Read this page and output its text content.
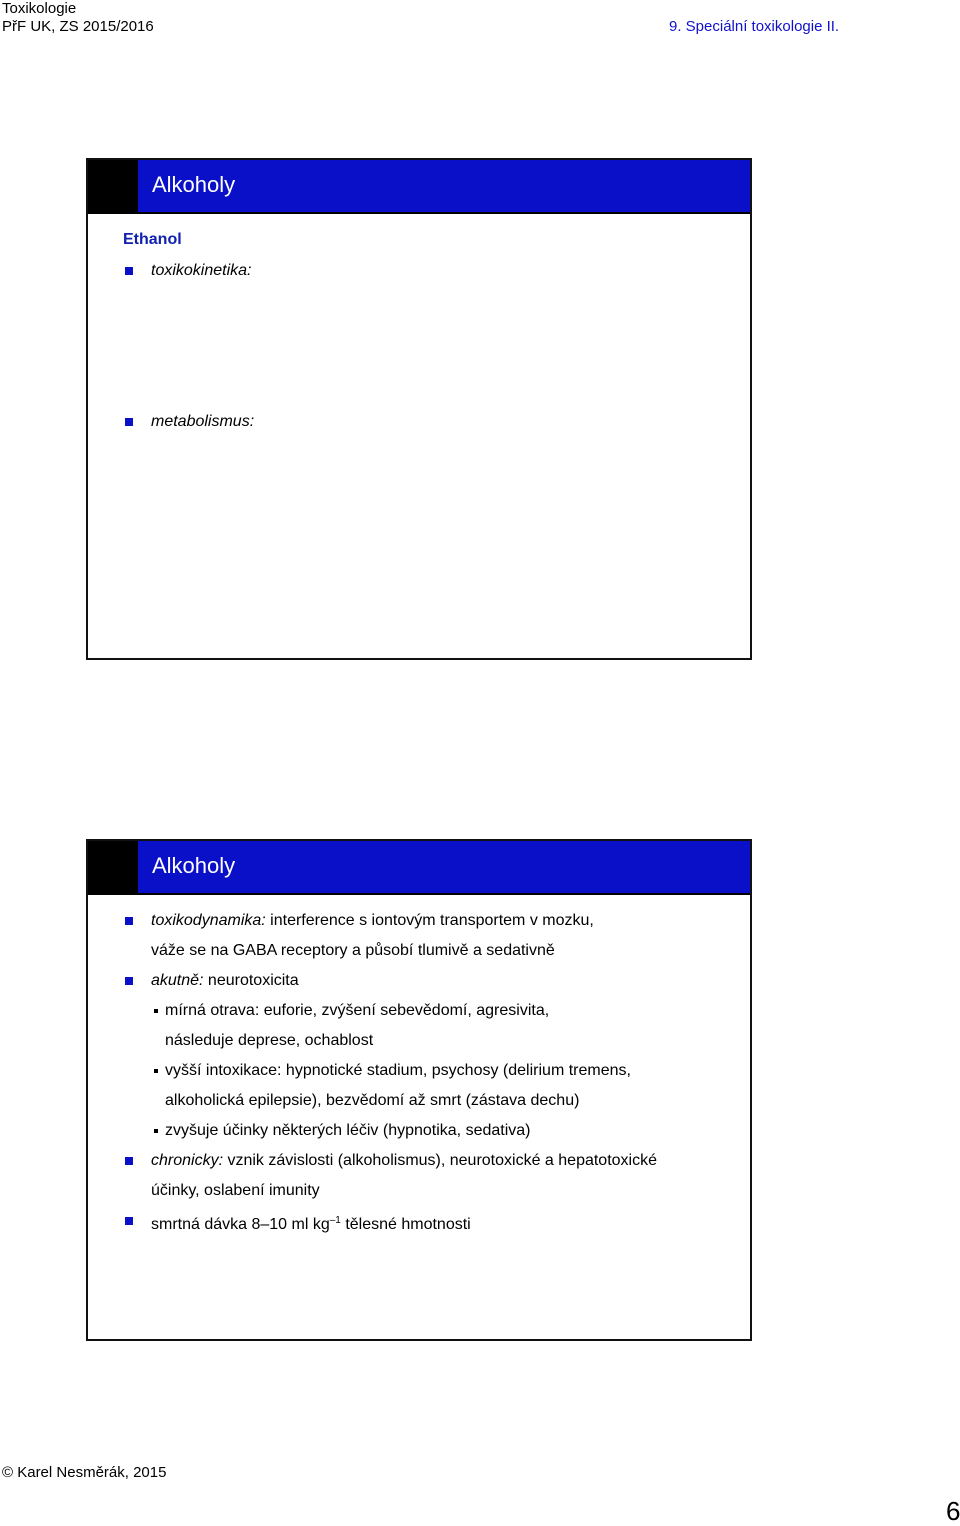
Toxikologie
PřF UK, ZS 2015/2016	9. Speciální toxikologie II.
Alkoholy
Ethanol
toxikokinetika:
metabolismus:
Alkoholy
toxikodynamika: interference s iontovým transportem v mozku,
váže se na GABA receptory a působí tlumivě a sedativně
akutně: neurotoxicita
mírná otrava: euforie, zvýšení sebevědomí, agresivita,
následuje deprese, ochablost
vyšší intoxikace: hypnotické stadium, psychosy (delirium tremens,
alkoholická epilepsie), bezvědomí až smrt (zástava dechu)
zvyšuje účinky některých léčiv (hypnotika, sedativa)
chronicky: vznik závislosti (alkoholismus), neurotoxické a hepatotoxické
účinky, oslabení imunity
smrtná dávka 8–10 ml $kg^{-1}$ tělesné hmotnosti
© Karel Nesměrák, 2015
6
